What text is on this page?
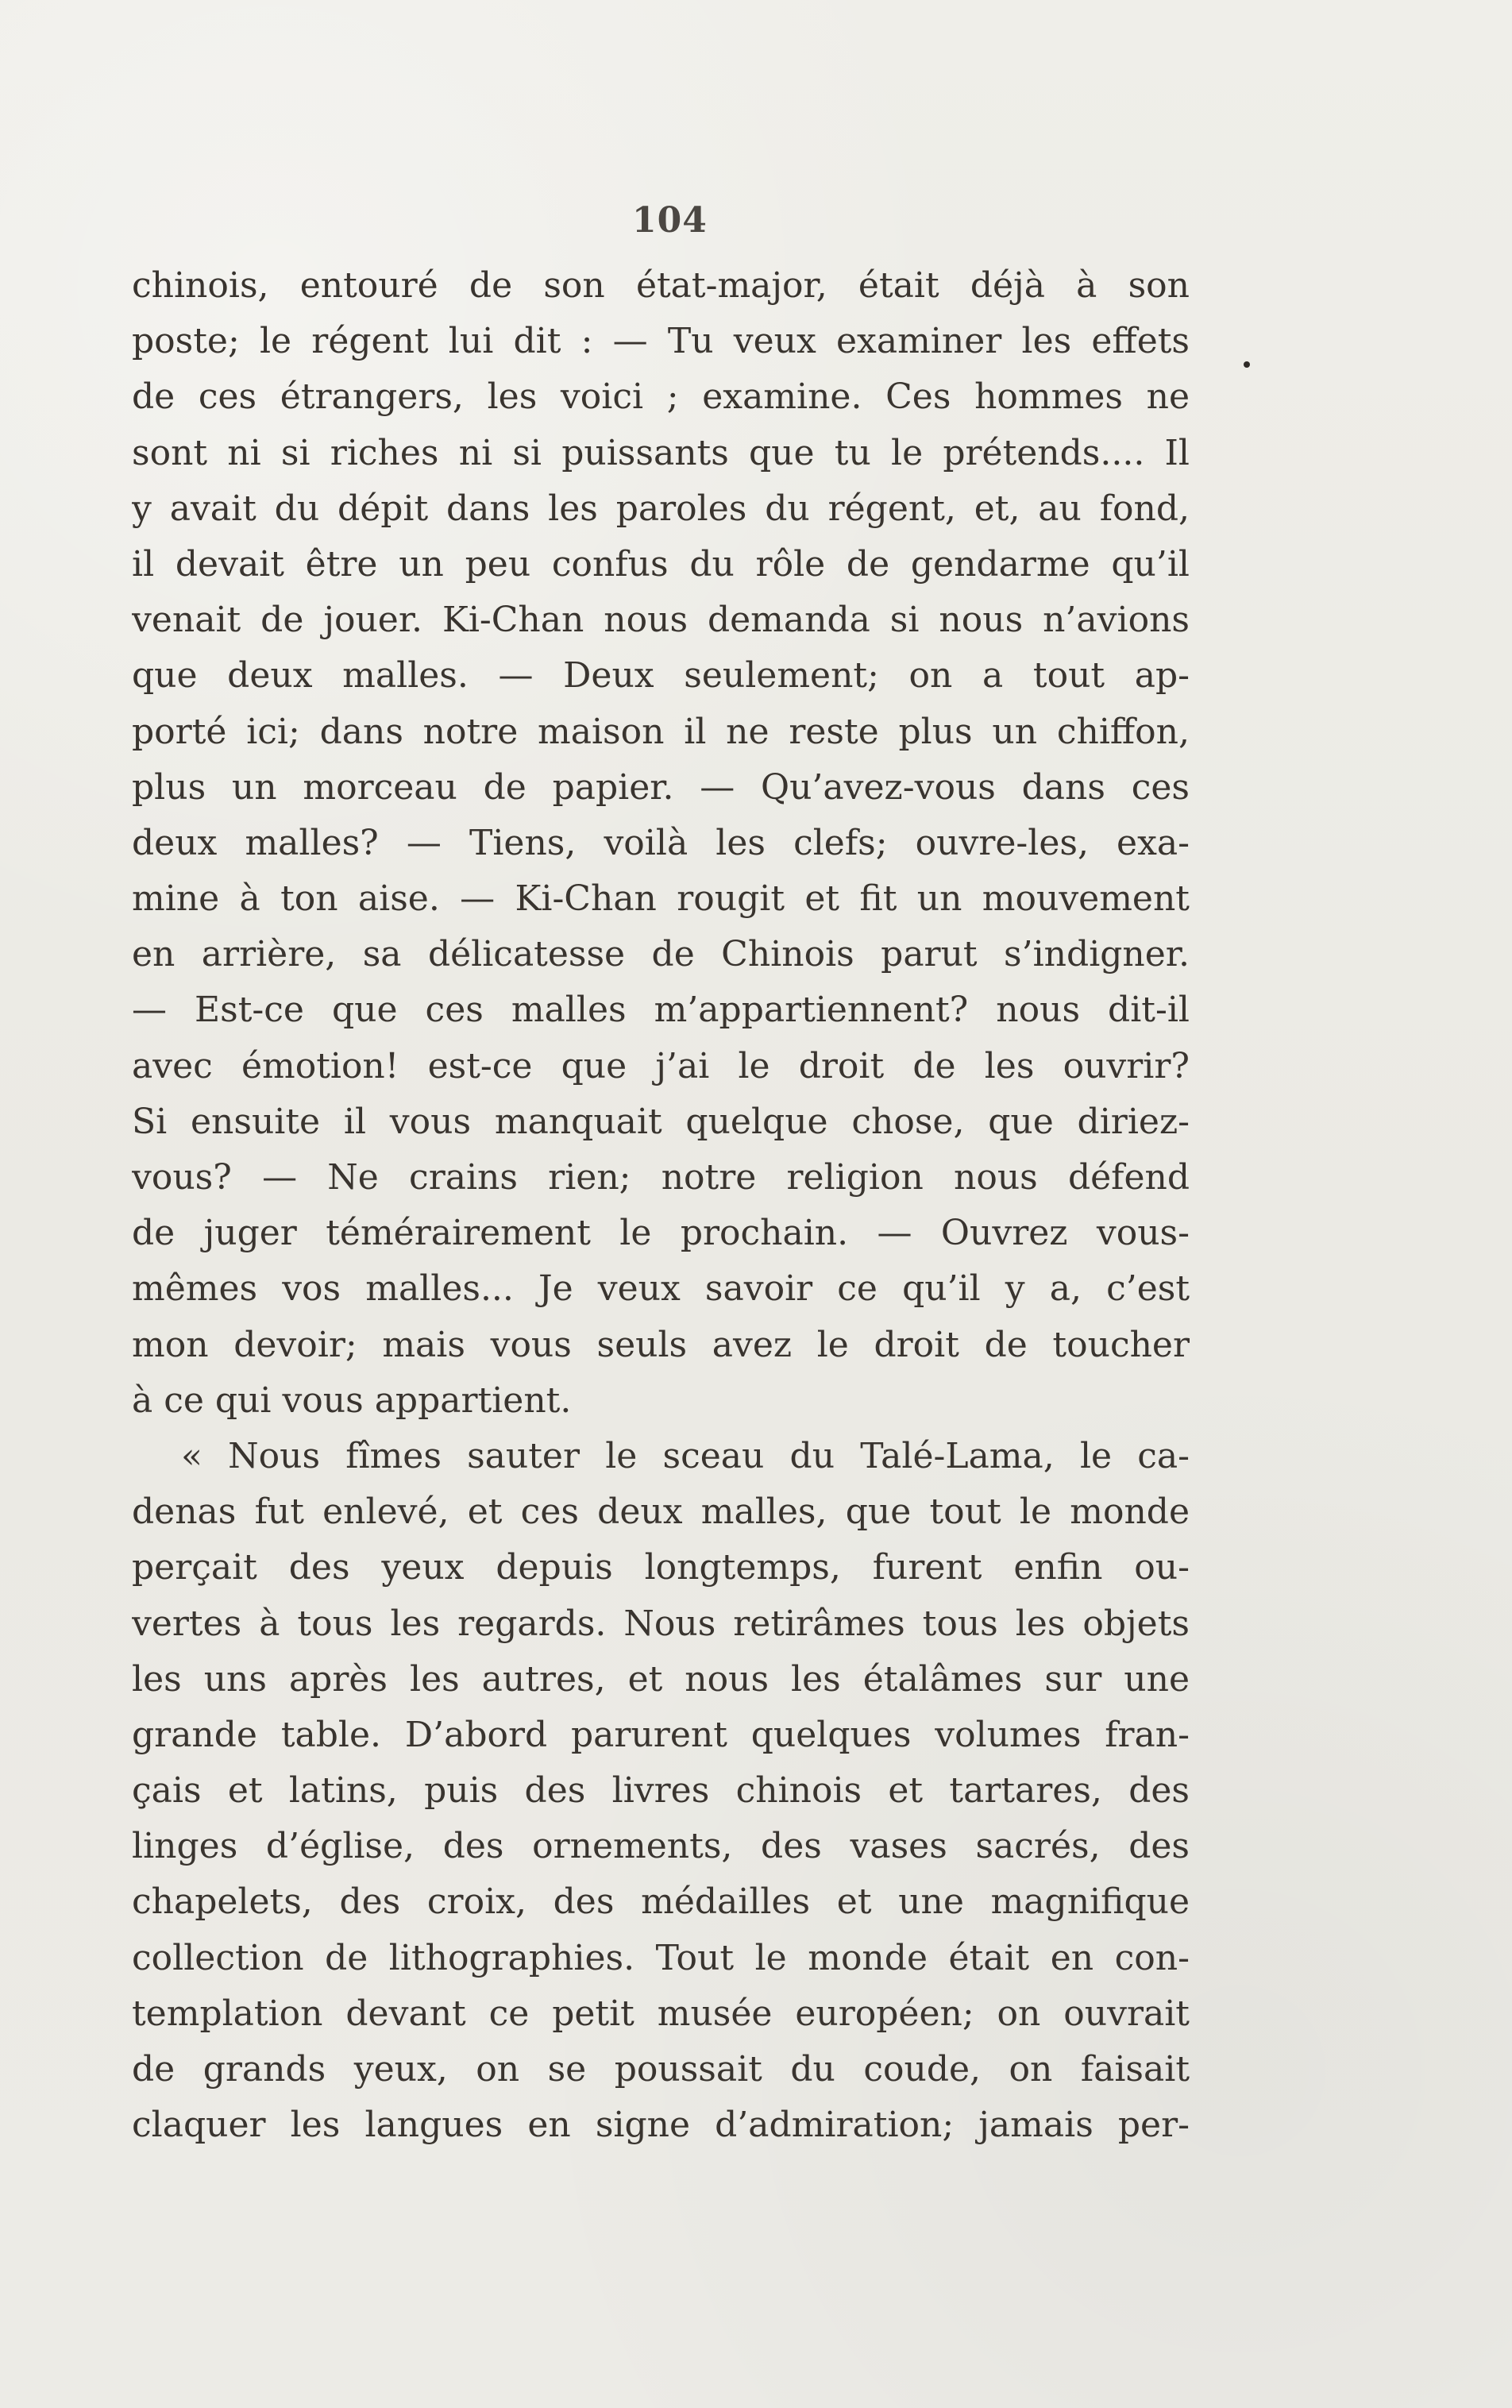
104
chinois, entouré de son état-major, était déjà à son
poste; le régent lui dit : — Tu veux examiner les effets
de ces étrangers, les voici ; examine. Ces hommes ne
sont ni si riches ni si puissants que tu le prétends.... Il
y avait du dépit dans les paroles du régent, et, au fond,
il devait être un peu confus du rôle de gendarme qu’il
venait de jouer. Ki-Chan nous demanda si nous n’avions
que deux malles. — Deux seulement; on a tout ap-
porté ici; dans notre maison il ne reste plus un chiffon,
plus un morceau de papier. — Qu’avez-vous dans ces
deux malles? — Tiens, voilà les clefs; ouvre-les, exa-
mine à ton aise. — Ki-Chan rougit et fit un mouvement
en arrière, sa délicatesse de Chinois parut s’indigner.
— Est-ce que ces malles m’appartiennent? nous dit-il
avec émotion! est-ce que j’ai le droit de les ouvrir?
Si ensuite il vous manquait quelque chose, que diriez-
vous? — Ne crains rien; notre religion nous défend
de juger témérairement le prochain. — Ouvrez vous-
mêmes vos malles... Je veux savoir ce qu’il y a, c’est
mon devoir; mais vous seuls avez le droit de toucher
à ce qui vous appartient.
« Nous fîmes sauter le sceau du Talé-Lama, le ca-
denas fut enlevé, et ces deux malles, que tout le monde
perçait des yeux depuis longtemps, furent enfin ou-
vertes à tous les regards. Nous retirâmes tous les objets
les uns après les autres, et nous les étalâmes sur une
grande table. D’abord parurent quelques volumes fran-
çais et latins, puis des livres chinois et tartares, des
linges d’église, des ornements, des vases sacrés, des
chapelets, des croix, des médailles et une magnifique
collection de lithographies. Tout le monde était en con-
templation devant ce petit musée européen; on ouvrait
de grands yeux, on se poussait du coude, on faisait
claquer les langues en signe d’admiration; jamais per-
